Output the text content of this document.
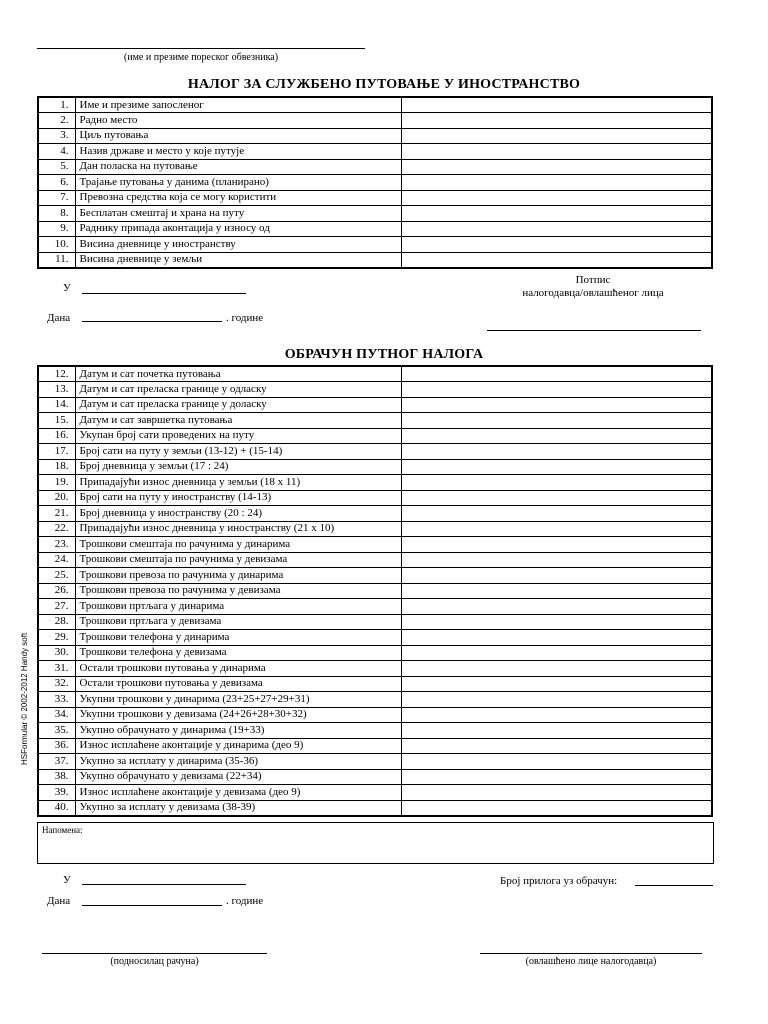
(име и презиме пореског обвезника)
НАЛОГ ЗА СЛУЖБЕНО ПУТОВАЊЕ У ИНОСТРАНСТВО
1.	Име и презиме запосленог	
2.	Радно место	
3.	Циљ путовања	
4.	Назив државе и место у које путује	
5.	Дан поласка на путовање	
6.	Трајање путовања у данима (планирано)	
7.	Превозна средства која се могу користити	
8.	Бесплатан смештај и храна на путу	
9.	Раднику припада аконтација у износу од	
10.	Висина дневнице у иностранству	
11.	Висина дневнице у земљи	
У
Дана	. године
Потпис
налогодавца/овлашћеног лица
ОБРАЧУН ПУТНОГ НАЛОГА
12.	Датум и сат почетка путовања	
13.	Датум и сат преласка границе у одласку	
14.	Датум и сат преласка границе у доласку	
15.	Датум и сат завршетка путовања	
16.	Укупан број сати проведених на путу	
17.	Број сати на путу у земљи (13-12) + (15-14)	
18.	Број дневница у земљи (17 : 24)	
19.	Припадајући износ дневница у земљи (18 x 11)	
20.	Број сати на путу у иностранству (14-13)	
21.	Број дневница у иностранству (20 : 24)	
22.	Припадајући износ дневница у иностранству (21 x 10)	
23.	Трошкови смештаја по рачунима у динарима	
24.	Трошкови смештаја по рачунима у девизама	
25.	Трошкови превоза по рачунима у динарима	
26.	Трошкови превоза по рачунима у девизама	
27.	Трошкови пртљага у динарима	
28.	Трошкови пртљага у девизама	
29.	Трошкови телефона у динарима	
30.	Трошкови телефона у девизама	
31.	Остали трошкови путовања у динарима	
32.	Остали трошкови путовања у девизама	
33.	Укупни трошкови у динарима (23+25+27+29+31)	
34.	Укупни трошкови у девизама (24+26+28+30+32)	
35.	Укупно обрачунато у динарима (19+33)	
36.	Износ исплаћене аконтације у динарима (део 9)	
37.	Укупно за исплату у динарима (35-36)	
38.	Укупно обрачунато у девизама (22+34)	
39.	Износ исплаћене аконтације у девизама (део 9)	
40.	Укупно за исплату у девизама (38-39)	
HSFormular © 2002-2012 Handy soft
Напомена:
У
Дана	. године
Број прилога уз обрачун:
(подносилац рачуна)	(овлашћено лице налогодавца)
